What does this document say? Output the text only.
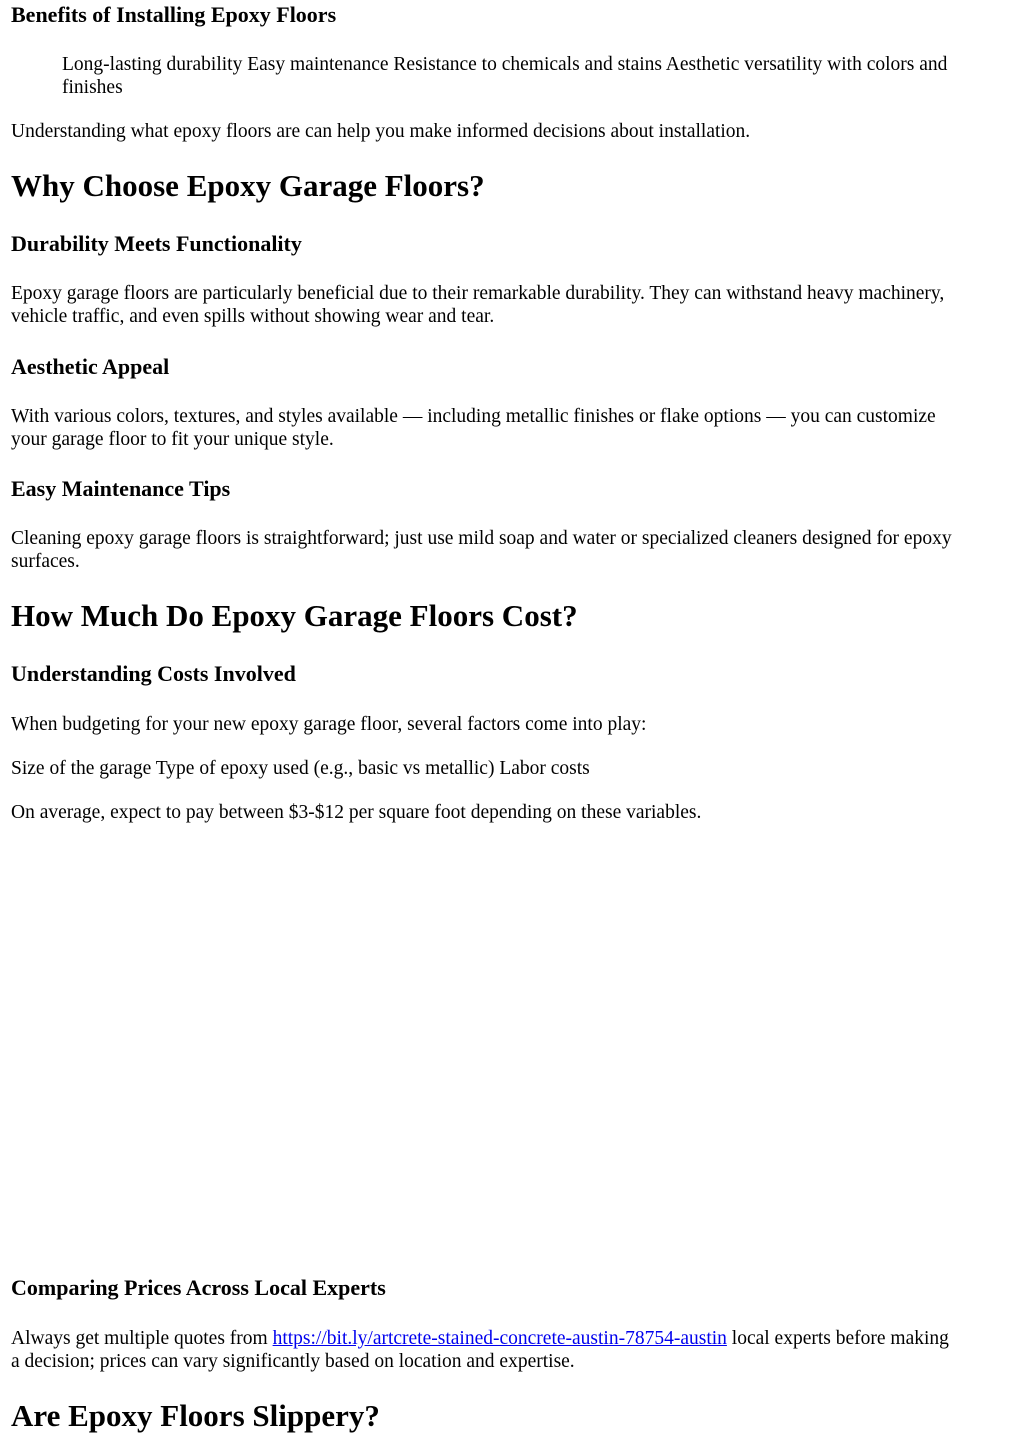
Benefits of Installing Epoxy Floors
Long-lasting durability Easy maintenance Resistance to chemicals and stains Aesthetic versatility with colors and
finishes

Understanding what epoxy floors are can help you make informed decisions about installation.

Why Choose Epoxy Garage Floors?
Durability Meets Functionality
Epoxy garage floors are particularly beneficial due to their remarkable durability. They can withstand heavy machinery,
vehicle traffic, and even spills without showing wear and tear.
Aesthetic Appeal
With various colors, textures, and styles available — including metallic finishes or flake options — you can customize
your garage floor to fit your unique style.
Easy Maintenance Tips
Cleaning epoxy garage floors is straightforward; just use mild soap and water or specialized cleaners designed for epoxy
surfaces.
How Much Do Epoxy Garage Floors Cost?
Understanding Costs Involved

When budgeting for your new epoxy garage floor, several factors come into play:

Size of the garage Type of epoxy used (e.g., basic vs metallic) Labor costs

On average, expect to pay between $3-$12 per square foot depending on these variables.

Comparing Prices Across Local Experts
Always get multiple quotes from https://bit.ly/artcrete-stained-concrete-austin-78754-austin local experts before making
a decision; prices can vary significantly based on location and expertise.
Are Epoxy Floors Slippery?
